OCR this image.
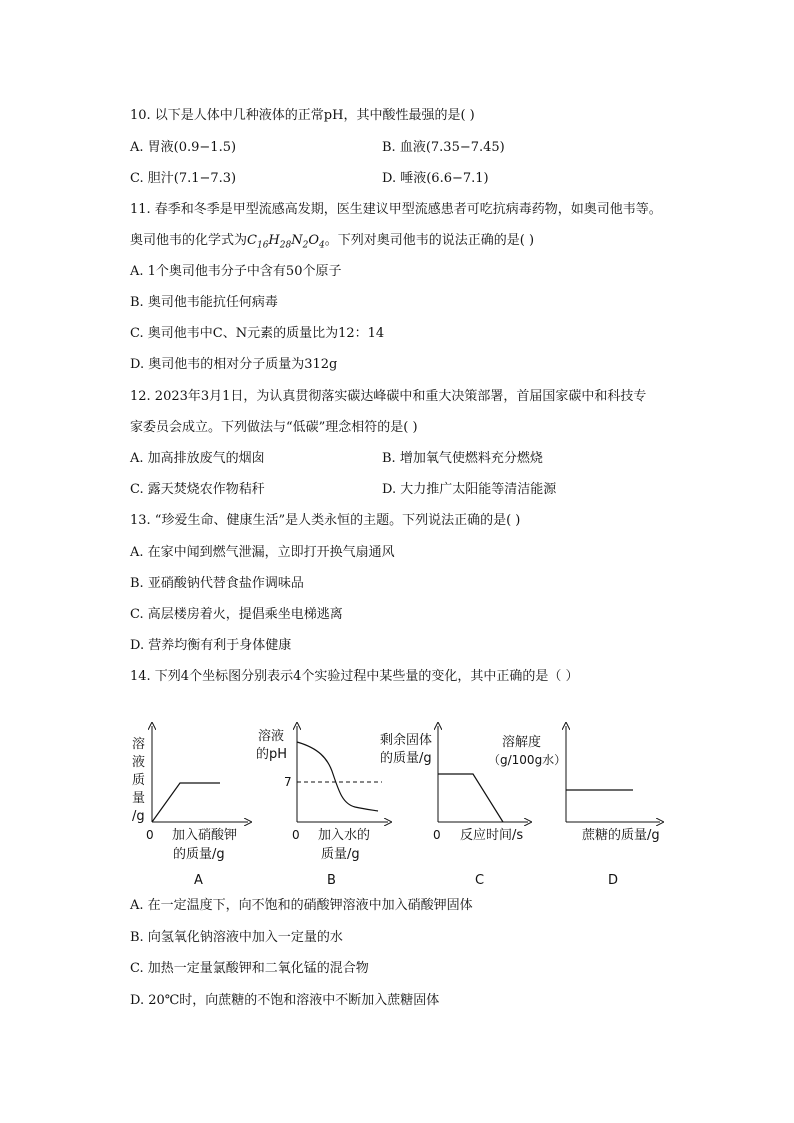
10. 以下是人体中几种液体的正常pH，其中酸性最强的是( )
A. 胃液(0.9−1.5)	B. 血液(7.35−7.45)
C. 胆汁(7.1−7.3)	D. 唾液(6.6−7.1)
11. 春季和冬季是甲型流感高发期，医生建议甲型流感患者可吃抗病毒药物，如奥司他韦等。
奥司他韦的化学式为$C_{16}H_{28}N_2O_4$。下列对奥司他韦的说法正确的是( )
A. 1个奥司他韦分子中含有50个原子
B. 奥司他韦能抗任何病毒
C. 奥司他韦中C、N元素的质量比为12：14
D. 奥司他韦的相对分子质量为312g
12. 2023年3月1日，为认真贯彻落实碳达峰碳中和重大决策部署，首届国家碳中和科技专
家委员会成立。下列做法与“低碳”理念相符的是( )
A. 加高排放废气的烟囱	B. 增加氧气使燃料充分燃烧
C. 露天焚烧农作物秸秆	D. 大力推广太阳能等清洁能源
13. “珍爱生命、健康生活”是人类永恒的主题。下列说法正确的是( )
A. 在家中闻到燃气泄漏，立即打开换气扇通风
B. 亚硝酸钠代替食盐作调味品
C. 高层楼房着火，提倡乘坐电梯逃离
D. 营养均衡有利于身体健康
14. 下列4个坐标图分别表示4个实验过程中某些量的变化，其中正确的是（ ）
溶
液
质
量
/g
0 加入硝酸钾
的质量/g
A
溶液
的pH
7
0 加入水的
质量/g
B
剩余固体
的质量/g
0 反应时间/s
C
溶解度
（g/100g水）
蔗糖的质量/g
D
A. 在一定温度下，向不饱和的硝酸钾溶液中加入硝酸钾固体
B. 向氢氧化钠溶液中加入一定量的水
C. 加热一定量氯酸钾和二氧化锰的混合物
D. 20℃时，向蔗糖的不饱和溶液中不断加入蔗糖固体
